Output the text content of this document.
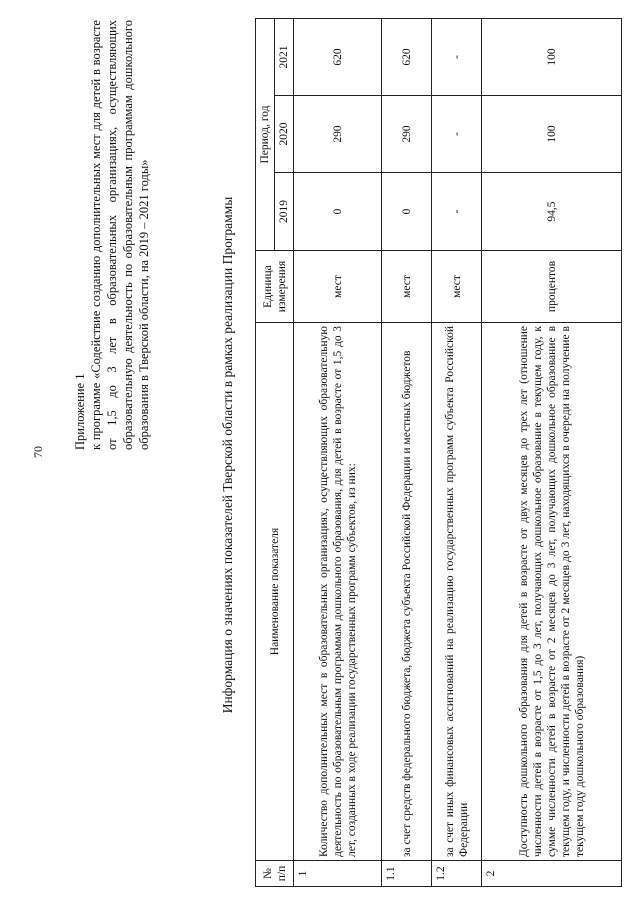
70
Приложение 1 к программе «Содействие созданию дополнительных мест для детей в возрасте от 1,5 до 3 лет в образовательных организациях, осуществляющих образовательную деятельность по образовательным программам дошкольного образования в Тверской области, на 2019 – 2021 годы»	Информация о значениях показателей Тверской области в рамках реализации Программы
№ п/п	Наименование показателя	Единица измерения	Период, год		
			2019	2020	2021
1	Количество дополнительных мест в образовательных организациях, осуществляющих образовательную деятельность по образовательным программам дошкольного образования, для детей в возрасте от 1,5 до 3 лет, созданных в ходе реализации государственных программ субъектов, из них:	мест	0	290	620
1.1	за счет средств федерального бюджета, бюджета субъекта Российской Федерации и местных бюджетов	мест	0	290	620
1.2	за счет иных финансовых ассигнований на реализацию государственных программ субъекта Российской Федерации	мест	-	-	-
2	Доступность дошкольного образования для детей в возрасте от двух месяцев до трех лет (отношение численности детей в возрасте от 1,5 до 3 лет, получающих дошкольное образование в текущем году, к сумме численности детей в возрасте от 2 месяцев до 3 лет, получающих дошкольное образование в текущем году, и численности детей в возрасте от 2 месяцев до 3 лет, находящихся в очереди на получение в текущем году дошкольного образования)	процентов	94,5	100	100
